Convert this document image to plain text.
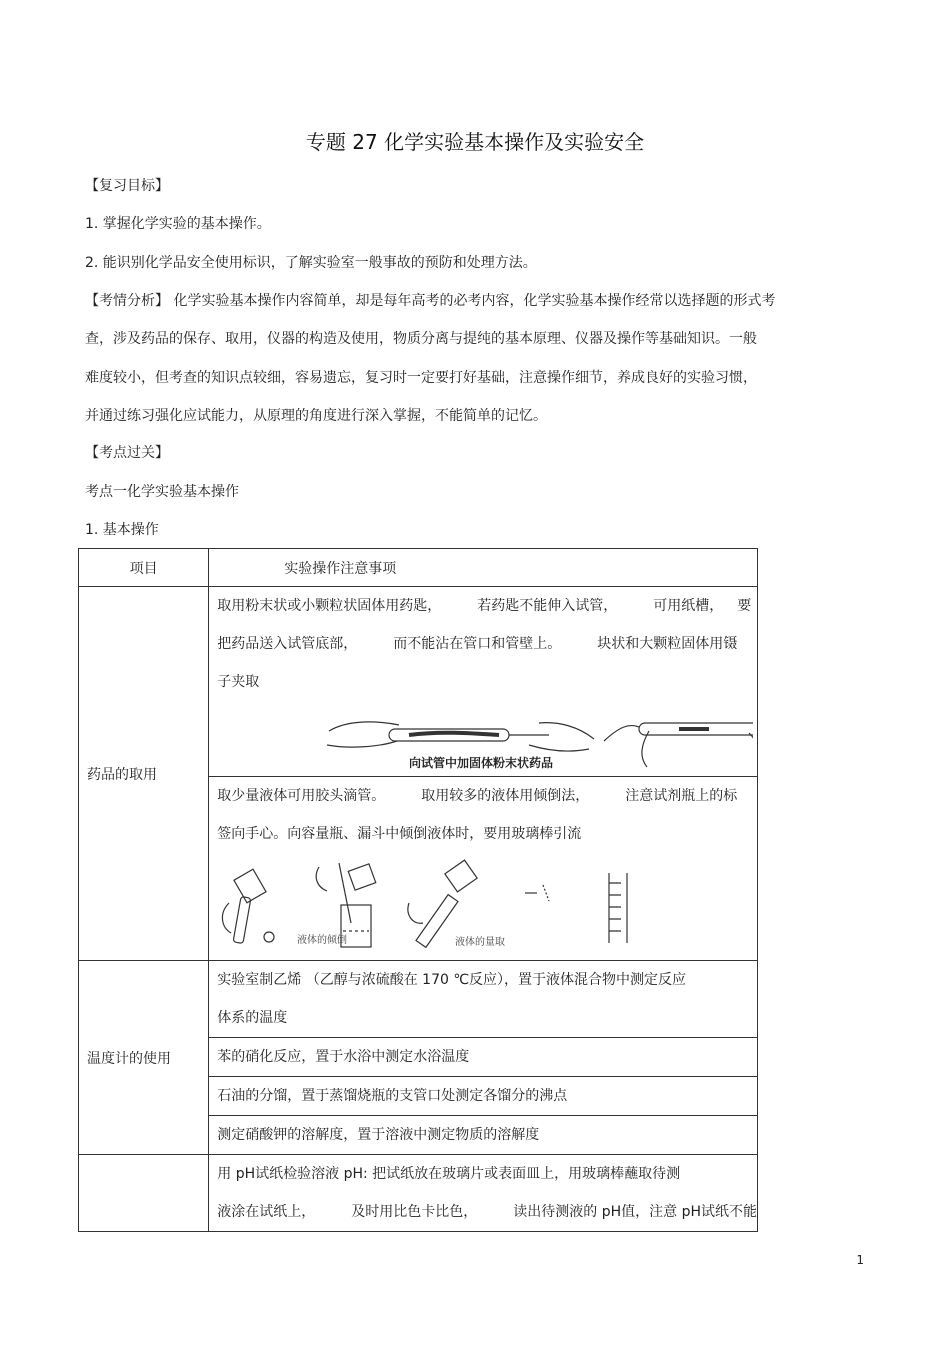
专题 27 化学实验基本操作及实验安全
【复习目标】
1. 掌握化学实验的基本操作。
2. 能识别化学品安全使用标识，了解实验室一般事故的预防和处理方法。
【考情分析】 化学实验基本操作内容简单，却是每年高考的必考内容，化学实验基本操作经常以选择题的形式考
查，涉及药品的保存、取用，仪器的构造及使用，物质分离与提纯的基本原理、仪器及操作等基础知识。一般
难度较小，但考查的知识点较细，容易遗忘，复习时一定要打好基础，注意操作细节，养成良好的实验习惯，
并通过练习强化应试能力，从原理的角度进行深入掌握，不能简单的记忆。
【考点过关】
考点一化学实验基本操作
1. 基本操作
项目	实验操作注意事项
药品的取用	取用粉末状或小颗粒状固体用药匙， 若药匙不能伸入试管， 可用纸槽， 要
把药品送入试管底部， 而不能沾在管口和管壁上。 块状和大颗粒固体用镊
子夹取
向试管中加固体粉末状药品

	取少量液体可用胶头滴管。 取用较多的液体用倾倒法， 注意试剂瓶上的标
签向手心。向容量瓶、漏斗中倾倒液体时，要用玻璃棒引流
液体的倾倒 液体的量取

温度计的使用	实验室制乙烯 （乙醇与浓硫酸在 170 ℃反应），置于液体混合物中测定反应
体系的温度

	苯的硝化反应，置于水浴中测定水浴温度

	石油的分馏，置于蒸馏烧瓶的支管口处测定各馏分的沸点

	测定硝酸钾的溶解度，置于溶液中测定物质的溶解度

	用 pH试纸检验溶液 pH: 把试纸放在玻璃片或表面皿上，用玻璃棒蘸取待测
液涂在试纸上， 及时用比色卡比色， 读出待测液的 pH值，注意 pH试纸不能
1
